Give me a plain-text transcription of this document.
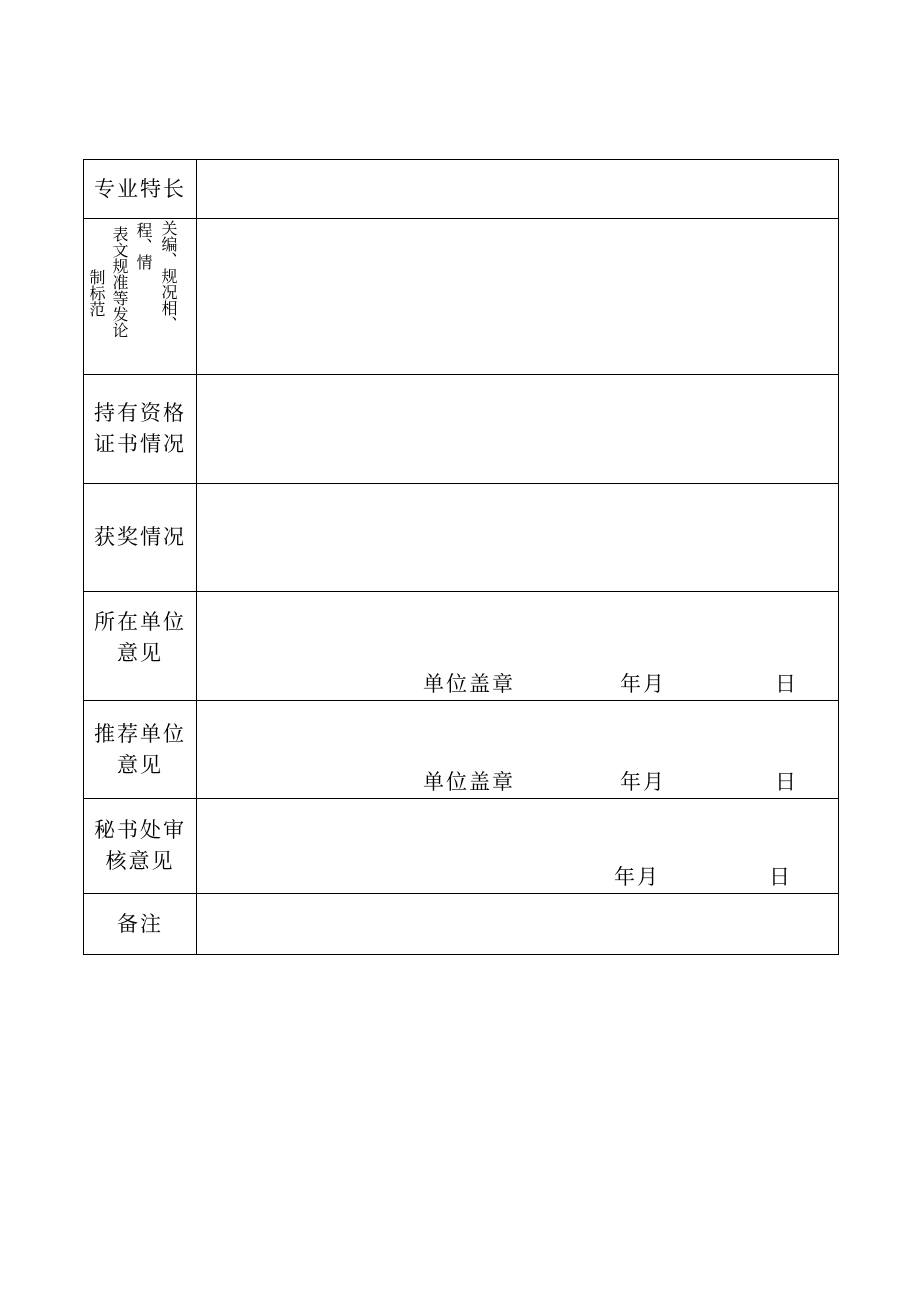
专业特长	

制标范 表文规准等发论 程、情 关编、规况相、	

持有资格
证书情况	
获奖情况	
所在单位
意见	单位盖章 年月 日

推荐单位
意见	单位盖章 年月 日

秘书处审
核意见	年月 日

备注	
